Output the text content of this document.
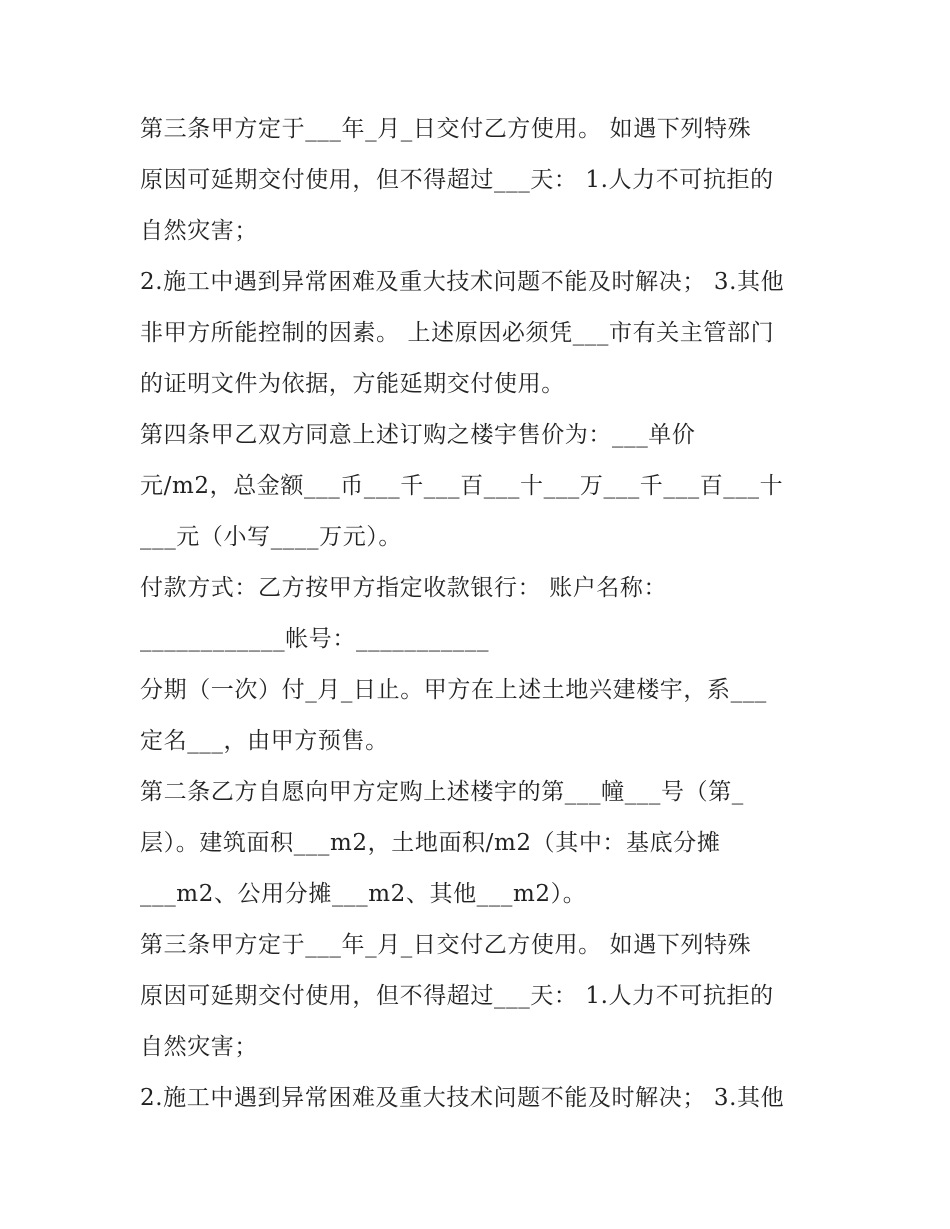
第三条甲方定于___年_月_日交付乙方使用。 如遇下列特殊
原因可延期交付使用，但不得超过___天： 1.人力不可抗拒的
自然灾害；
2.施工中遇到异常困难及重大技术问题不能及时解决； 3.其他
非甲方所能控制的因素。 上述原因必须凭___市有关主管部门
的证明文件为依据，方能延期交付使用。
第四条甲乙双方同意上述订购之楼宇售价为：___单价
元/m2，总金额___币___千___百___十___万___千___百___十
___元（小写____万元）。
付款方式：乙方按甲方指定收款银行： 账户名称：
____________帐号：___________
分期（一次）付_月_日止。甲方在上述土地兴建楼宇，系___
定名___，由甲方预售。
第二条乙方自愿向甲方定购上述楼宇的第___幢___号（第_
层）。建筑面积___m2，土地面积/m2（其中：基底分摊
___m2、公用分摊___m2、其他___m2）。
第三条甲方定于___年_月_日交付乙方使用。 如遇下列特殊
原因可延期交付使用，但不得超过___天： 1.人力不可抗拒的
自然灾害；
2.施工中遇到异常困难及重大技术问题不能及时解决； 3.其他
